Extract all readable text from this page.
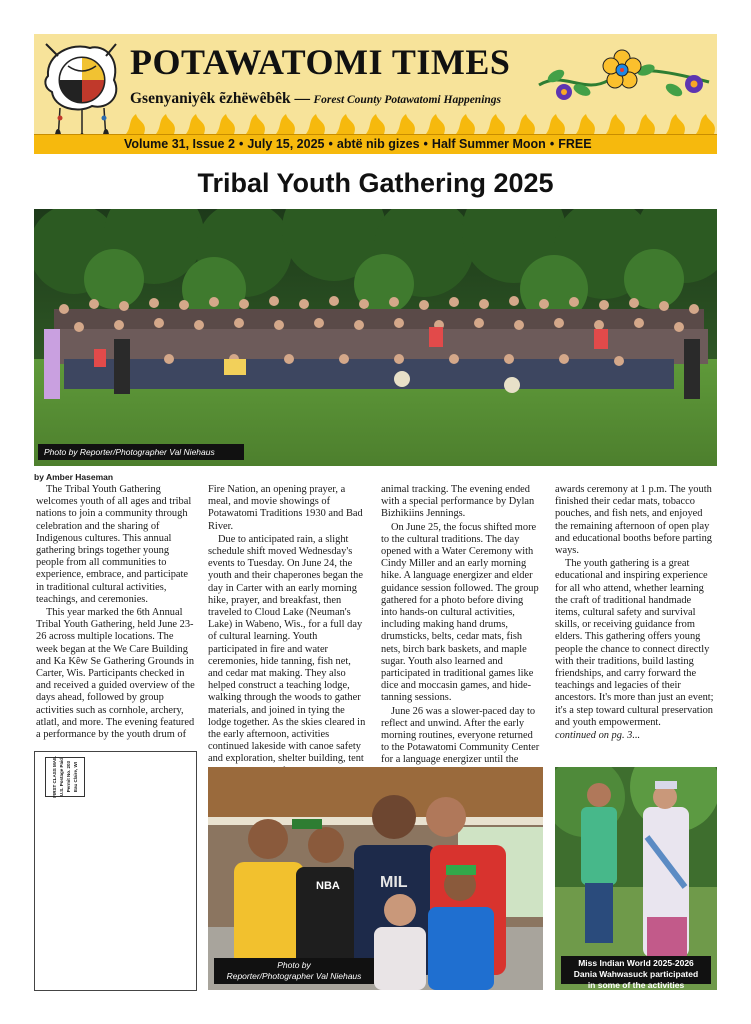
POTAWATOMI TIMES
Gsenyaniyêk ẽzhëwêbêk — Forest County Potawatomi Happenings
Volume 31, Issue 2 • July 15, 2025 • abtë nib gizes • Half Summer Moon • FREE
Tribal Youth Gathering 2025
Photo by Reporter/Photographer Val Niehaus
by Amber Haseman

The Tribal Youth Gathering welcomes youth of all ages and tribal nations to join a community through celebration and the sharing of Indigenous cultures. This annual gathering brings together young people from all communities to experience, embrace, and participate in traditional cultural activities, teachings, and ceremonies.

This year marked the 6th Annual Tribal Youth Gathering, held June 23-26 across multiple locations. The week began at the We Care Building and Ka Kêw Se Gathering Grounds in Carter, Wis. Participants checked in and received a guided overview of the days ahead, followed by group activities such as cornhole, archery, atlatl, and more. The evening featured a performance by the youth drum of

Fire Nation, an opening prayer, a meal, and movie showings of Potawatomi Traditions 1930 and Bad River.

Due to anticipated rain, a slight schedule shift moved Wednesday's events to Tuesday. On June 24, the youth and their chaperones began the day in Carter with an early morning hike, prayer, and breakfast, then traveled to Cloud Lake (Neuman's Lake) in Wabeno, Wis., for a full day of cultural learning. Youth participated in fire and water ceremonies, hide tanning, fish net, and cedar mat making. They also helped construct a teaching lodge, walking through the woods to gather materials, and joined in tying the lodge together. As the skies cleared in the early afternoon, activities continued lakeside with canoe safety and exploration, shelter building, tent

animal tracking. The evening ended with a special performance by Dylan Bizhikiins Jennings.

On June 25, the focus shifted more to the cultural traditions. The day opened with a Water Ceremony with Cindy Miller and an early morning hike. A language energizer and elder guidance session followed. The group gathered for a photo before diving into hands-on cultural activities, including making hand drums, drumsticks, belts, cedar mats, fish nets, birch bark baskets, and maple sugar. Youth also learned and participated in traditional games like dice and moccasin games, and hide-tanning sessions.

June 26 was a slower-paced day to reflect and unwind. After the early morning routines, everyone returned to the Potawatomi Community Center for a language energizer until the

awards ceremony at 1 p.m. The youth finished their cedar mats, tobacco pouches, and fish nets, and enjoyed the remaining afternoon of open play and educational booths before parting ways.

The youth gathering is a great educational and inspiring experience for all who attend, whether learning the craft of traditional handmade items, cultural safety and survival skills, or receiving guidance from elders. This gathering offers young people the chance to connect directly with their traditions, build lasting friendships, and carry forward the teachings and legacies of their ancestors. It's more than just an event; it's a step toward cultural preservation and youth empowerment.

continued on pg. 3...

FIRST CLASS MAIL U.S. Postage Paid Permit No. 203 Eau Claire, WI
NBA	MIL
Photo by
Reporter/Photographer Val Niehaus
Miss Indian World 2025-2026
Dania Wahwasuck participated
in some of the activities
